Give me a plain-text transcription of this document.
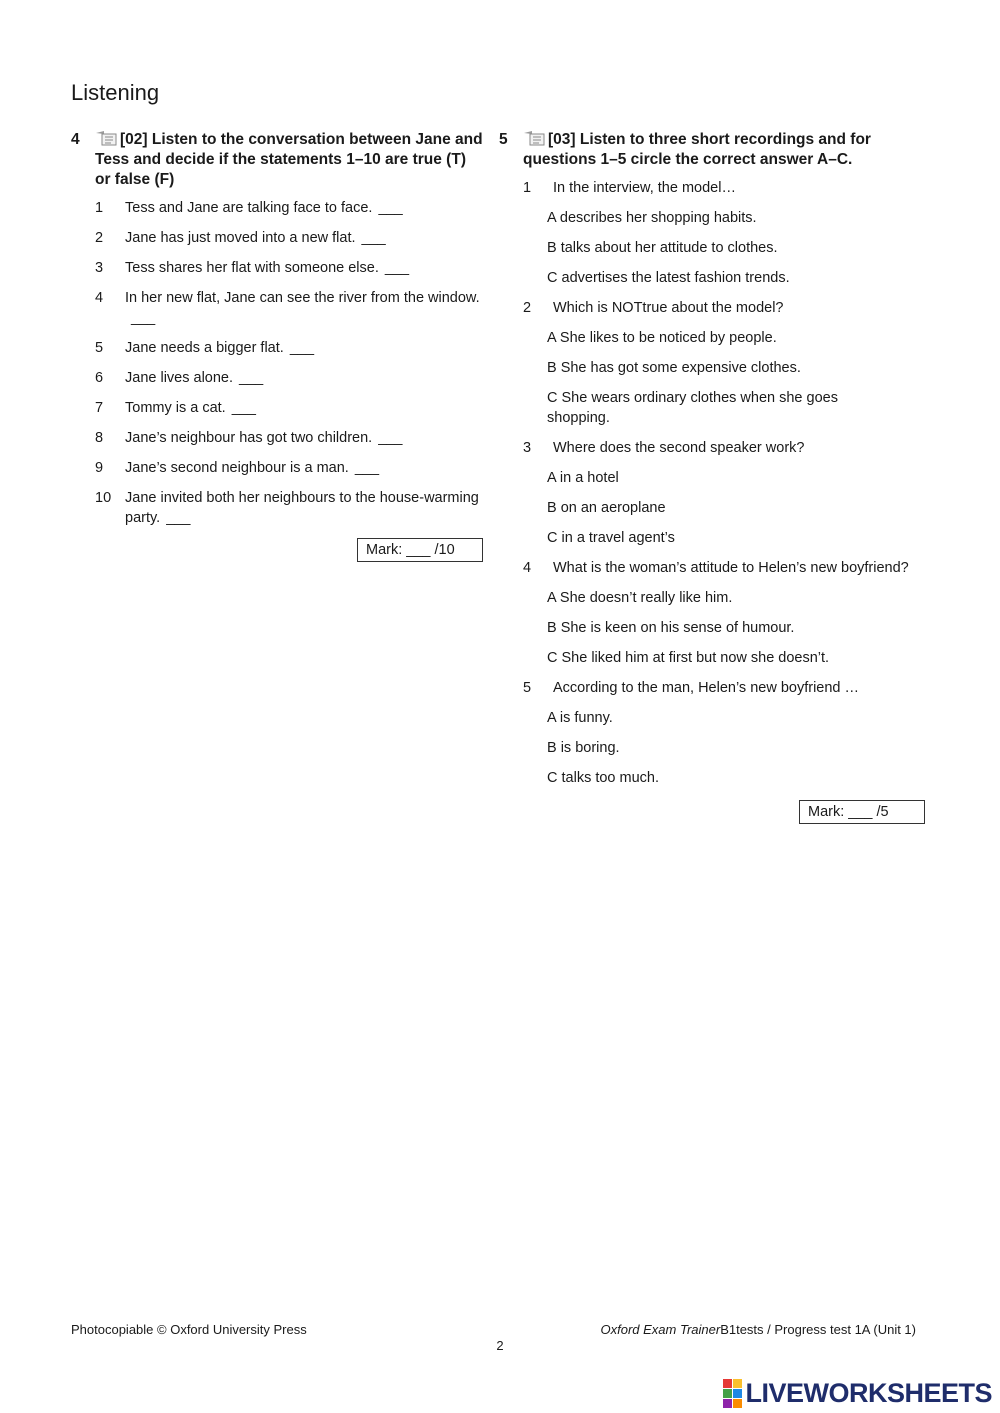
Listening
4	[02] Listen to the conversation between Jane and Tess and decide if the statements 1–10 are true (T) or false (F)
1 Tess and Jane are talking face to face. ___
2 Jane has just moved into a new flat. ___
3 Tess shares her flat with someone else. ___
4 In her new flat, Jane can see the river from the window.___
5 Jane needs a bigger flat. ___
6 Jane lives alone. ___
7 Tommy is a cat. ___
8 Jane’s neighbour has got two children. ___
9 Jane’s second neighbour is a man. ___
10 Jane invited both her neighbours to the house-warming party. ___
Mark: ___ /10
5	[03] Listen to three short recordings and for questions 1–5 circle the correct answer A–C.
1 In the interview, the model…
A describes her shopping habits.
B talks about her attitude to clothes.
C advertises the latest fashion trends.
2 Which is NOTtrue about the model?
A She likes to be noticed by people.
B She has got some expensive clothes.
C She wears ordinary clothes when she goes shopping.
3 Where does the second speaker work?
A in a hotel
B on an aeroplane
C in a travel agent’s
4 What is the woman’s attitude to Helen’s new boyfriend?
A She doesn’t really like him.
B She is keen on his sense of humour.
C She liked him at first but now she doesn’t.
5 According to the man, Helen’s new boyfriend …
A is funny.
B is boring.
C talks too much.
Mark: ___ /5
Photocopiable © Oxford University Press	Oxford Exam TrainerB1tests / Progress test 1A (Unit 1)
2
LIVEWORKSHEETS
